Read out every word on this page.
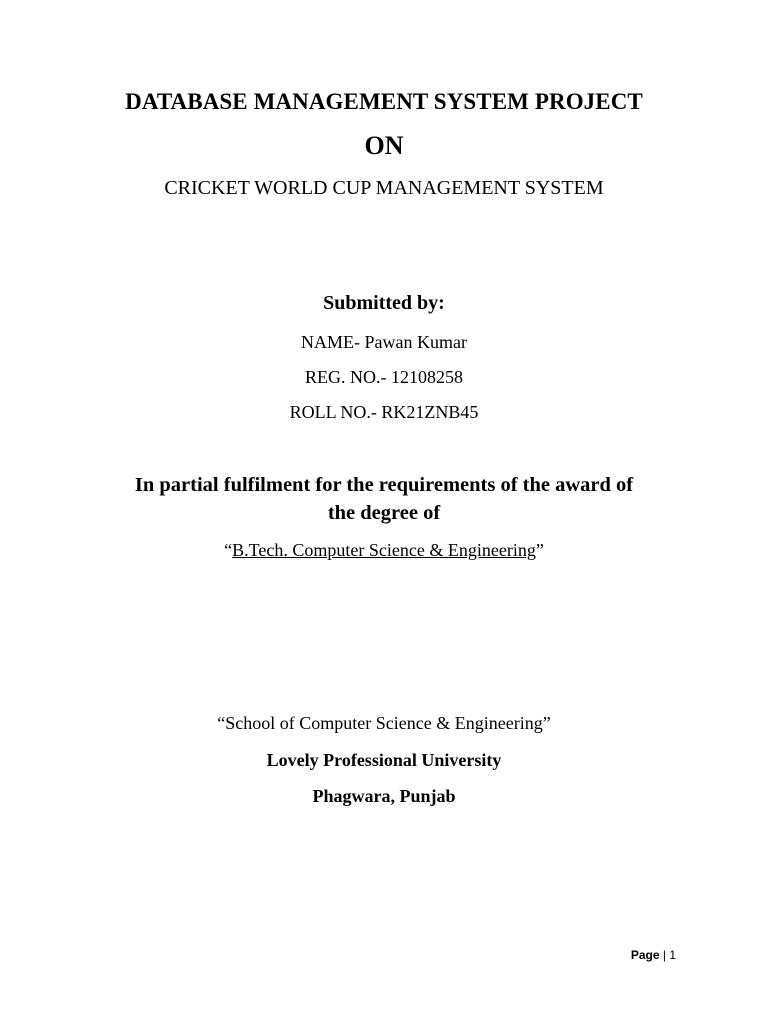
DATABASE MANAGEMENT SYSTEM PROJECT
ON
CRICKET WORLD CUP MANAGEMENT SYSTEM
Submitted by:
NAME- Pawan Kumar
REG. NO.- 12108258
ROLL NO.- RK21ZNB45
In partial fulfilment for the requirements of the award of
the degree of
“B.Tech. Computer Science & Engineering”
“School of Computer Science & Engineering”
Lovely Professional University
Phagwara, Punjab
Page | 1
